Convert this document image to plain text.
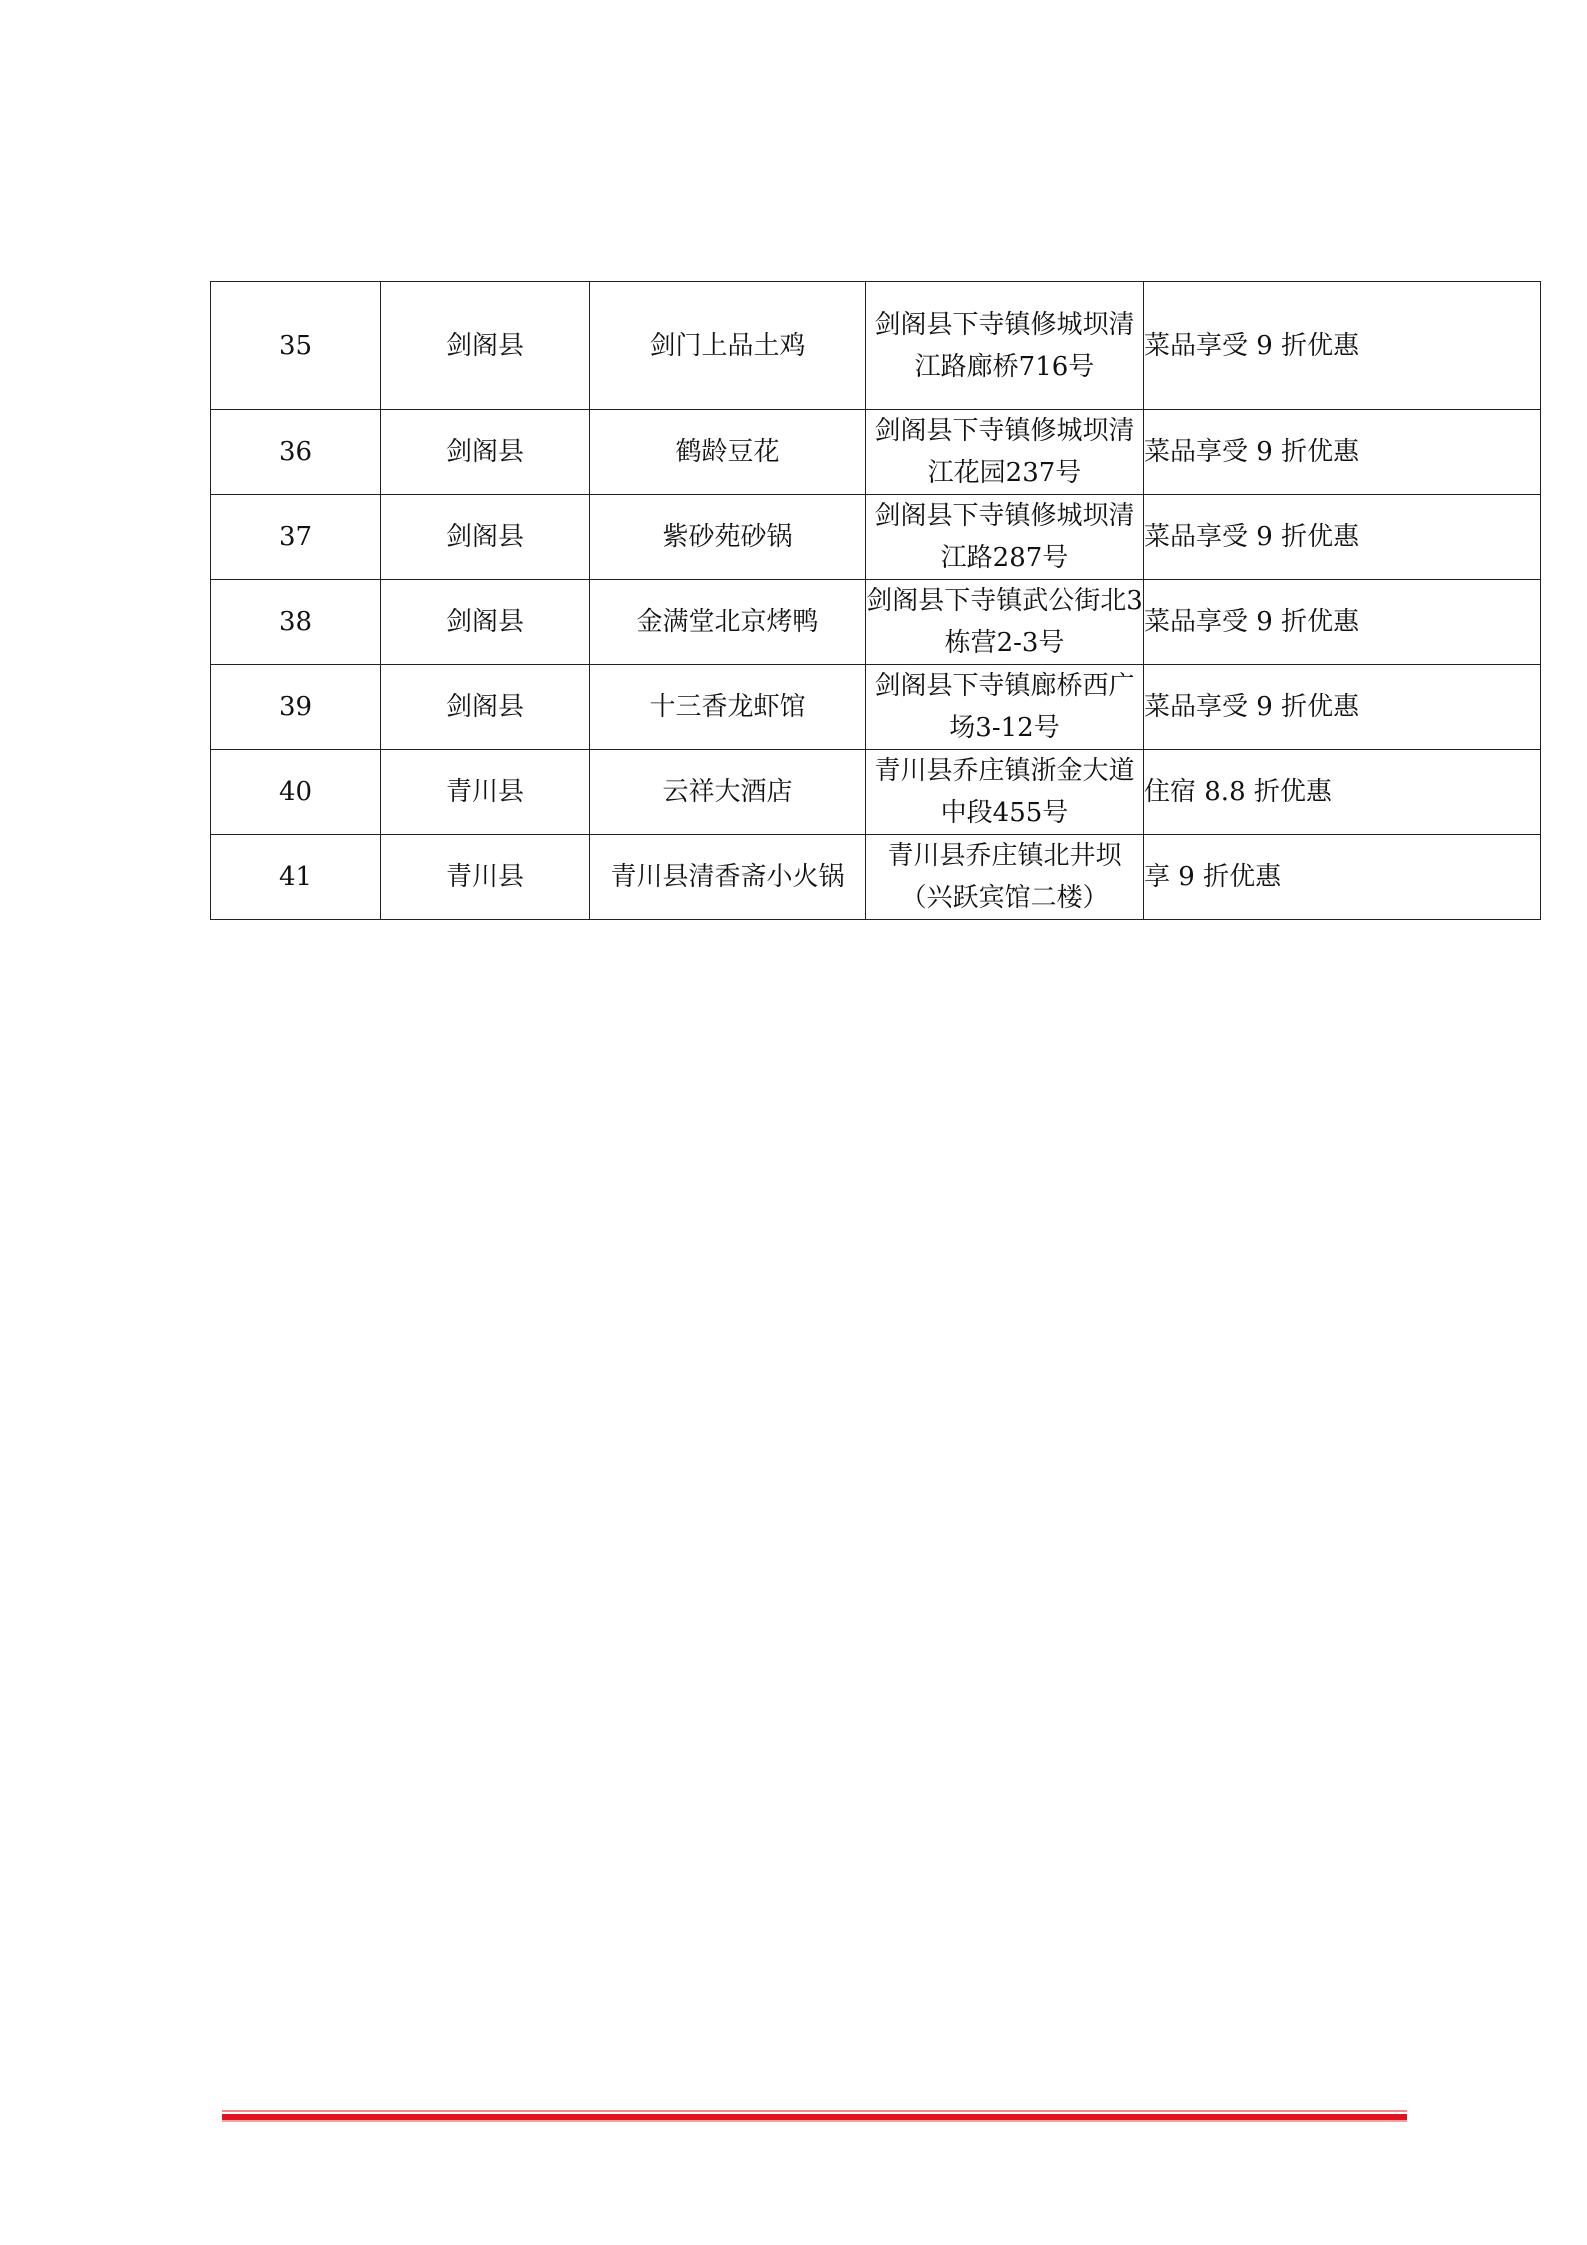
35	剑阁县	剑门上品土鸡	剑阁县下寺镇修城坝清江路廊桥716号	菜品享受 9 折优惠
36	剑阁县	鹤龄豆花	剑阁县下寺镇修城坝清江花园237号	菜品享受 9 折优惠
37	剑阁县	紫砂苑砂锅	剑阁县下寺镇修城坝清江路287号	菜品享受 9 折优惠
38	剑阁县	金满堂北京烤鸭	剑阁县下寺镇武公街北3栋营2-3号	菜品享受 9 折优惠
39	剑阁县	十三香龙虾馆	剑阁县下寺镇廊桥西广场3-12号	菜品享受 9 折优惠
40	青川县	云祥大酒店	青川县乔庄镇浙金大道中段455号	住宿 8.8 折优惠
41	青川县	青川县清香斋小火锅	青川县乔庄镇北井坝（兴跃宾馆二楼）	享 9 折优惠
